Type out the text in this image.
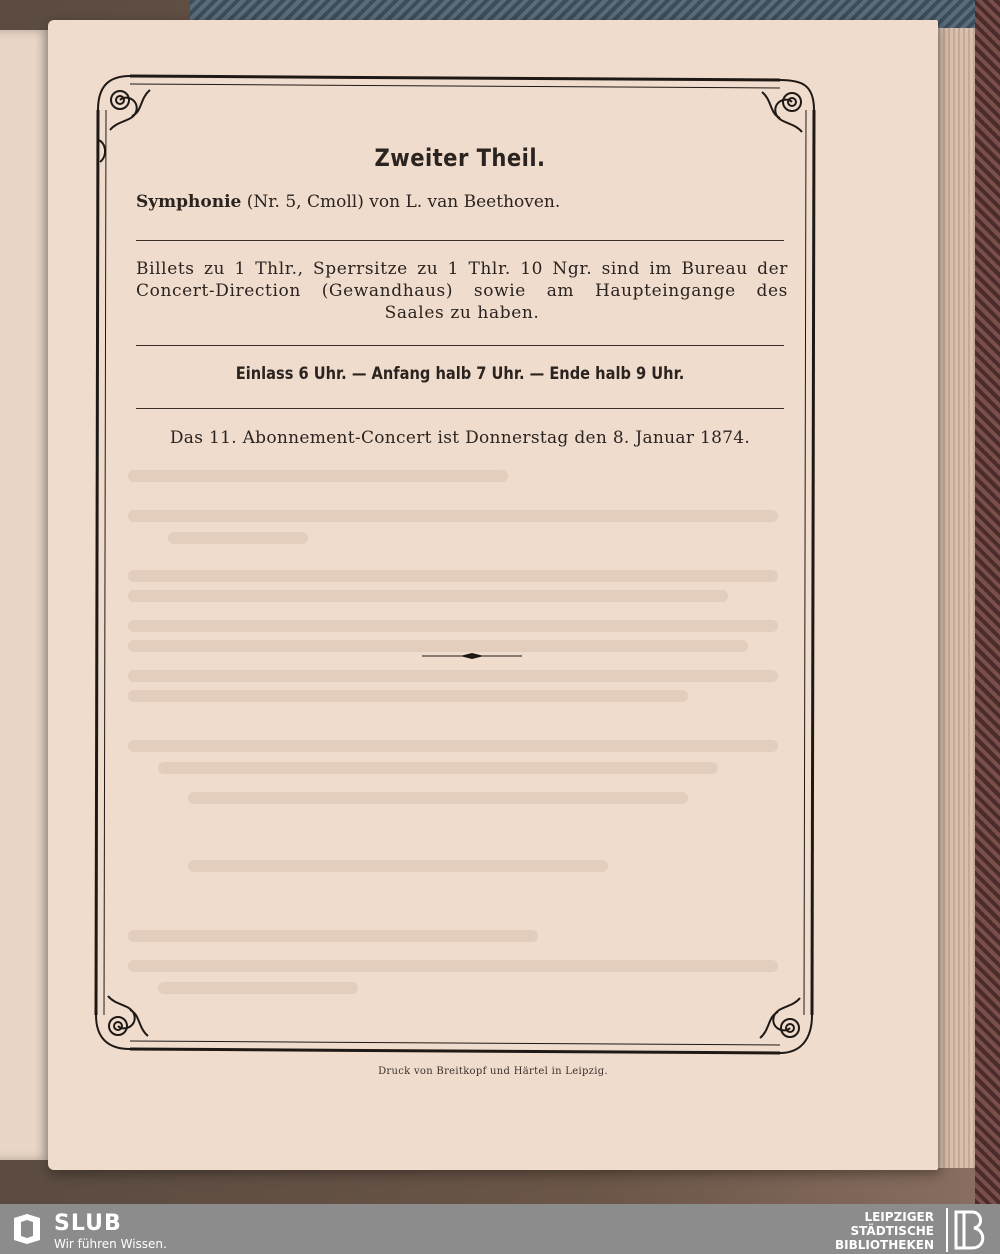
Zweiter Theil.
Symphonie (Nr. 5, Cmoll) von L. van Beethoven.
Billets zu 1 Thlr., Sperrsitze zu 1 Thlr. 10 Ngr. sind im Bureau der
Concert-Direction (Gewandhaus) sowie am Haupteingange des
Saales zu haben.
Einlass 6 Uhr. — Anfang halb 7 Uhr. — Ende halb 9 Uhr.
Das 11. Abonnement-Concert ist Donnerstag den 8. Januar 1874.
Druck von Breitkopf und Härtel in Leipzig.
SLUB
Wir führen Wissen.
LEIPZIGER
STÄDTISCHE
BIBLIOTHEKEN
